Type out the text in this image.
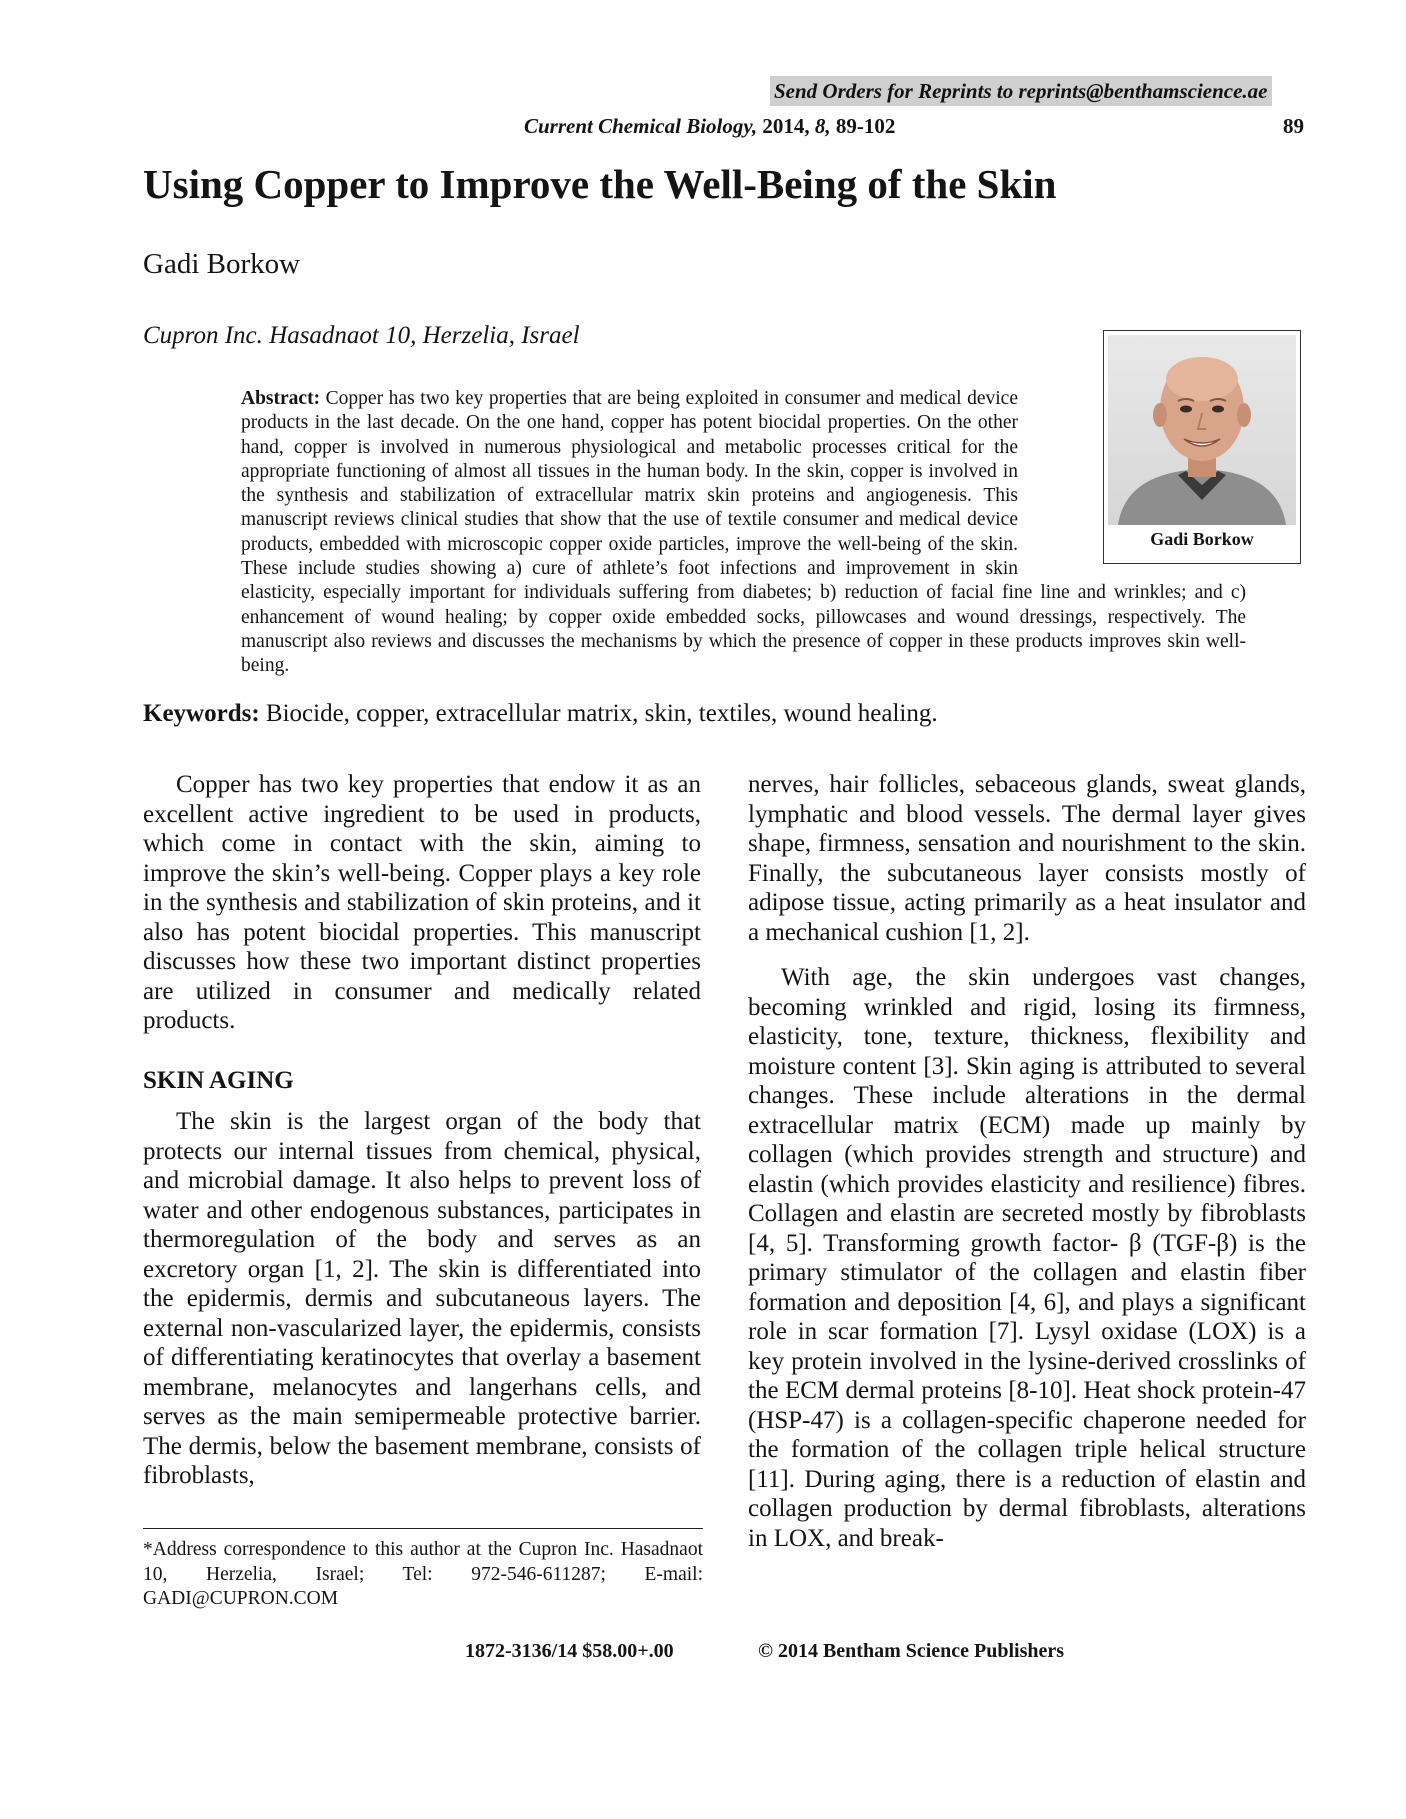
Send Orders for Reprints to reprints@benthamscience.ae
Current Chemical Biology, 2014, 8, 89-102	89
Using Copper to Improve the Well-Being of the Skin
Gadi Borkow
Cupron Inc. Hasadnaot 10, Herzelia, Israel
Gadi Borkow
Abstract: Copper has two key properties that are being exploited in consumer and medical device products in the last decade. On the one hand, copper has potent biocidal properties. On the other hand, copper is involved in numerous physiological and metabolic processes critical for the appropriate functioning of almost all tissues in the human body. In the skin, copper is involved in the synthesis and stabilization of extracellular matrix skin proteins and angiogenesis. This manuscript reviews clinical studies that show that the use of textile consumer and medical device products, embedded with microscopic copper oxide particles, improve the well-being of the skin. These include studies showing a) cure of athlete’s foot infections and improvement in skin elasticity, especially important for individuals suffering from diabetes; b) reduction of facial fine line and wrinkles; and c) enhancement of wound healing; by copper oxide embedded socks, pillowcases and wound dressings, respectively. The manuscript also reviews and discusses the mechanisms by which the presence of copper in these products improves skin well-being.
Keywords: Biocide, copper, extracellular matrix, skin, textiles, wound healing.

Copper has two key properties that endow it as an excellent active ingredient to be used in products, which come in contact with the skin, aiming to improve the skin’s well-being. Copper plays a key role in the synthesis and stabilization of skin proteins, and it also has potent biocidal properties. This manuscript discusses how these two important distinct properties are utilized in consumer and medically related products.

SKIN AGING

The skin is the largest organ of the body that protects our internal tissues from chemical, physical, and microbial damage. It also helps to prevent loss of water and other endogenous substances, participates in thermoregulation of the body and serves as an excretory organ [1, 2]. The skin is differentiated into the epidermis, dermis and subcutaneous layers. The external non-vascularized layer, the epidermis, consists of differentiating keratinocytes that overlay a basement membrane, melanocytes and langerhans cells, and serves as the main semipermeable protective barrier. The dermis, below the basement membrane, consists of fibroblasts,

nerves, hair follicles, sebaceous glands, sweat glands, lymphatic and blood vessels. The dermal layer gives shape, firmness, sensation and nourishment to the skin. Finally, the subcutaneous layer consists mostly of adipose tissue, acting primarily as a heat insulator and a mechanical cushion [1, 2].

With age, the skin undergoes vast changes, becoming wrinkled and rigid, losing its firmness, elasticity, tone, texture, thickness, flexibility and moisture content [3]. Skin aging is attributed to several changes. These include alterations in the dermal extracellular matrix (ECM) made up mainly by collagen (which provides strength and structure) and elastin (which provides elasticity and resilience) fibres. Collagen and elastin are secreted mostly by fibroblasts [4, 5]. Transforming growth factor- β (TGF-β) is the primary stimulator of the collagen and elastin fiber formation and deposition [4, 6], and plays a significant role in scar formation [7]. Lysyl oxidase (LOX) is a key protein involved in the lysine-derived crosslinks of the ECM dermal proteins [8-10]. Heat shock protein-47 (HSP-47) is a collagen-specific chaperone needed for the formation of the collagen triple helical structure [11]. During aging, there is a reduction of elastin and collagen production by dermal fibroblasts, alterations in LOX, and break-

*Address correspondence to this author at the Cupron Inc. Hasadnaot 10, Herzelia, Israel; Tel: 972-546-611287; E-mail: GADI@CUPRON.COM

1872-3136/14 $58.00+.00	© 2014 Bentham Science Publishers
